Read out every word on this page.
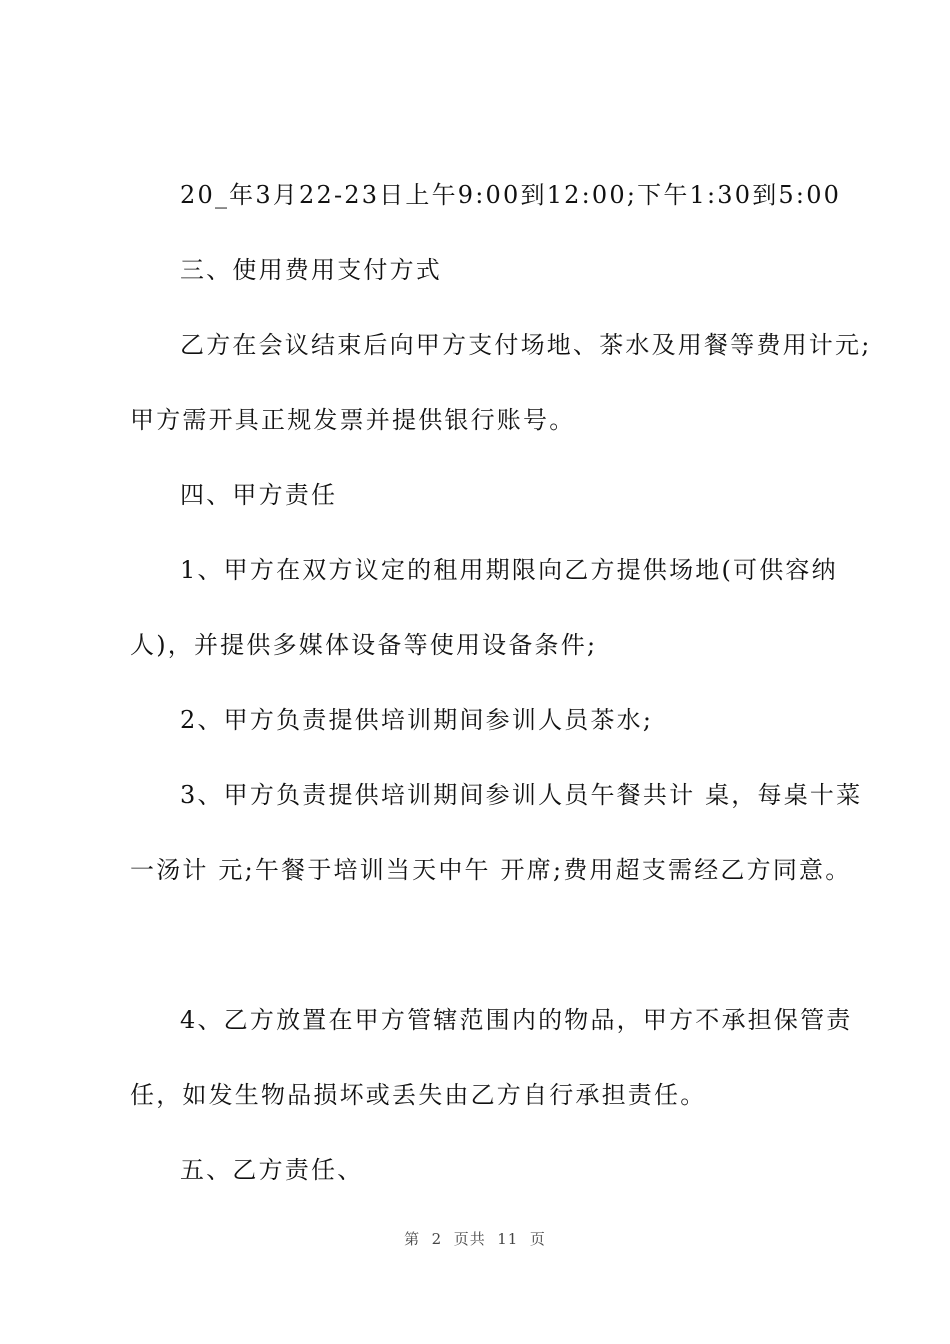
20_年3月22-23日上午9:00到12:00;下午1:30到5:00
三、使用费用支付方式
乙方在会议结束后向甲方支付场地、茶水及用餐等费用计元;
甲方需开具正规发票并提供银行账号。
四、甲方责任
1、甲方在双方议定的租用期限向乙方提供场地(可供容纳
人)，并提供多媒体设备等使用设备条件;
2、甲方负责提供培训期间参训人员茶水;
3、甲方负责提供培训期间参训人员午餐共计 桌，每桌十菜
一汤计 元;午餐于培训当天中午 开席;费用超支需经乙方同意。
4、乙方放置在甲方管辖范围内的物品，甲方不承担保管责
任，如发生物品损坏或丢失由乙方自行承担责任。
五、乙方责任、
第  2  页共  11  页
